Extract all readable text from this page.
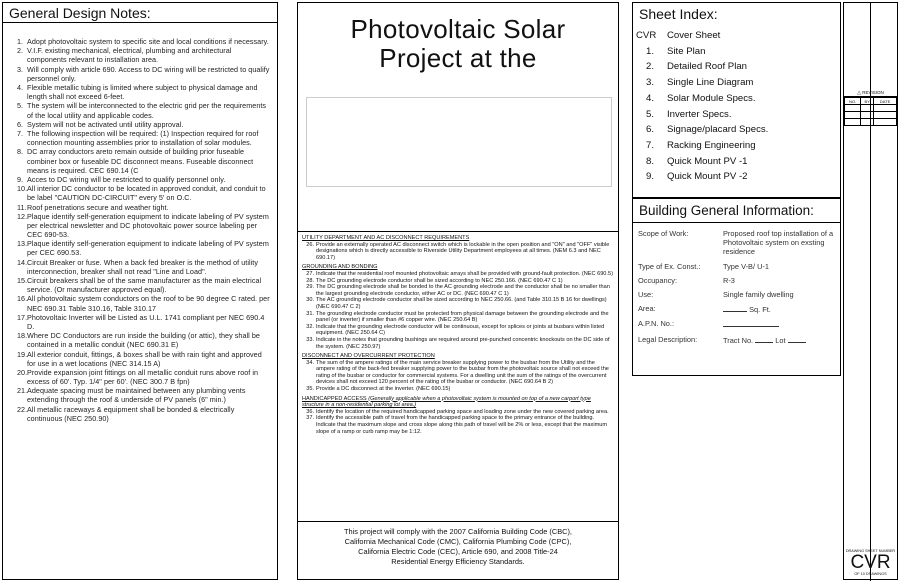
General Design Notes:
1. Adopt photovoltaic system to specific site and local conditions if necessary.
2. V.I.F. existing mechanical, electrical, plumbing and architectural components relevant to installation area.
3. Will comply with article 690. Access to DC wiring will be restricted to qualify personnel only.
4. Flexible metallic tubing is limited where subject to physical damage and length shall not exceed 6-feet.
5. The system will be interconnected to the electric grid per the requirements of the local utility and applicable codes.
6. System will not be activated until utility approval.
7. The following inspection will be required: (1) Inspection required for roof connection mounting assemblies prior to installation of solar modules.
8. DC array conductors areto remain outside of building prior fuseable combiner box or fuseable DC disconnect means. Fuseable disconnect means is required. CEC 690.14 (C
9. Acces to DC wiring will be restricted to qualify personnel only.
10. All interior DC conductor to be located in approved conduit, and conduit to be label "CAUTION DC-CIRCUIT" every 5' on O.C.
11. Roof penetrations secure and weather tight.
12. Plaque identify self-generation equipment to indicate labeling of PV system per electrical newsletter and DC photovoltaic power source labeling per CEC 690-53.
13. Plaque identify self-generation equipment to indicate labeling of PV system per CEC 690.53.
14. Circuit Breaker or fuse. When a back fed breaker is the method of utility interconnection, breaker shall not read "Line and Load".
15. Circuit breakers shall be of the same manufacturer as the main electrical service. (Or manufacturer approved equal).
16. All photovoltaic system conductors on the roof to be 90 degree C rated. per NEC 690.31 Table 310.16, Table 310.17
17. Photovoltaic Inverter will be Listed as U.L. 1741 compliant per NEC 690.4 D.
18. Where DC Conductors are run inside the building (or attic), they shall be contained in a metallic conduit (NEC 690.31 E)
19. All exterior conduit, fittings, & boxes shall be with rain tight and approved for use in a wet locations (NEC 314.15 A)
20. Provide expansion joint fittings on all metallic conduit runs above roof in excess of 60'. Typ. 1/4" per 60'. (NEC 300.7 B fpn)
21. Adequate spacing must be maintained between any plumbing vents extending through the roof & underside of PV panels (6" min.)
22. All metallic raceways & equipment shall be bonded & electrically continuous (NEC 250.90)
Photovoltaic Solar
Project at the
UTILITY DEPARTMENT AND AC DISCONNECT REQUIREMENTS
26. Provide an externally operated AC disconnect switch which is lockable in the open position and "ON" and "OFF" visible designations which is directly accessible to Riverside Utility Department employees at all times. (NEM 6.3 and NEC 690.17)
GROUNDING AND BONDING
27. Indicate that the residential roof mounted photovoltaic arrays shall be provided with ground-fault protection. (NEC 690.5)
28. The DC grounding electrode conductor shall be sized according to NEC 250.166. (NEC 690.47 C 1)
29. The DC grounding electrode shall be bonded to the AC grounding electrode and the conductor shall be no smaller than the largest grounding electrode conductor, either AC or DC. (NEC 690.47 C 1)
30. The AC grounding electrode conductor shall be sized according to NEC 250.66. (and Table 310.15 B 16 for dwellings) (NEC 690.47 C 2)
31. The grounding electrode conductor must be protected from physical damage between the grounding electrode and the panel (or inverter) if smaller than #6 copper wire. (NEC 250.64 B)
32. Indicate that the grounding electrode conductor will be continuous, except for splices or joints at busbars within listed equipment. (NEC 250.64 C)
33. Indicate in the notes that grounding bushings are required around pre-punched concentric knockouts on the DC side of the system. (NEC 250.97)
DISCONNECT AND OVERCURRENT PROTECTION
34. The sum of the ampere ratings of the main service breaker supplying power to the busbar from the Utility and the ampere rating of the back-fed breaker supplying power to the busbar from the photovoltaic source shall not exceed the rating of the busbar or conductor for commercial systems. For a dwelling unit the sum of the ratings of the overcurrent devices shall not exceed 120 percent of the rating of the busbar or conductor. (NEC 690.64 B 2)
35. Provide a DC disconnect at the inverter. (NEC 690.15)
HANDICAPPED ACCESS (Generally applicable when a photovoltaic system is mounted on top of a new carport type structure in a non-residential parking lot area.)
36. Identify the location of the required handicapped parking space and loading zone under the new covered parking area.
37. Identify the accessible path of travel from the handicapped parking space to the primary entrance of the building. Indicate that the maximum slope and cross slope along this path of travel will be 2% or less, except that the maximum slope of a ramp or curb ramp may be 1:12.
This project will comply with the 2007 California Building Code (CBC),
California Mechanical Code (CMC), California Plumbing Code (CPC),
California Electric Code (CEC), Article 690, and 2008 Title-24
Residential Energy Efficiency Standards.
Sheet Index:
CVR	Cover Sheet
1.	Site Plan
2.	Detailed Roof Plan
3.	Single Line Diagram
4.	Solar Module Specs.
5.	Inverter Specs.
6.	Signage/placard Specs.
7.	Racking Engineering
8.	Quick Mount PV -1
9.	Quick Mount PV -2
Building General Information:
Scope of Work:	Proposed roof top installation of a Photovoltaic system on exsting residence
Type of Ex. Const.:	Type V-B/ U-1
Occupancy:	R-3
Use:	Single family dwelling
Area:	Sq. Ft.
A.P.N. No.:	
Legal Description:	Tract No. Lot
△ REVISION
NO.	BY	DATE

DRAWING SHEET NUMBER
CVR
OF 10 DRAWINGS
